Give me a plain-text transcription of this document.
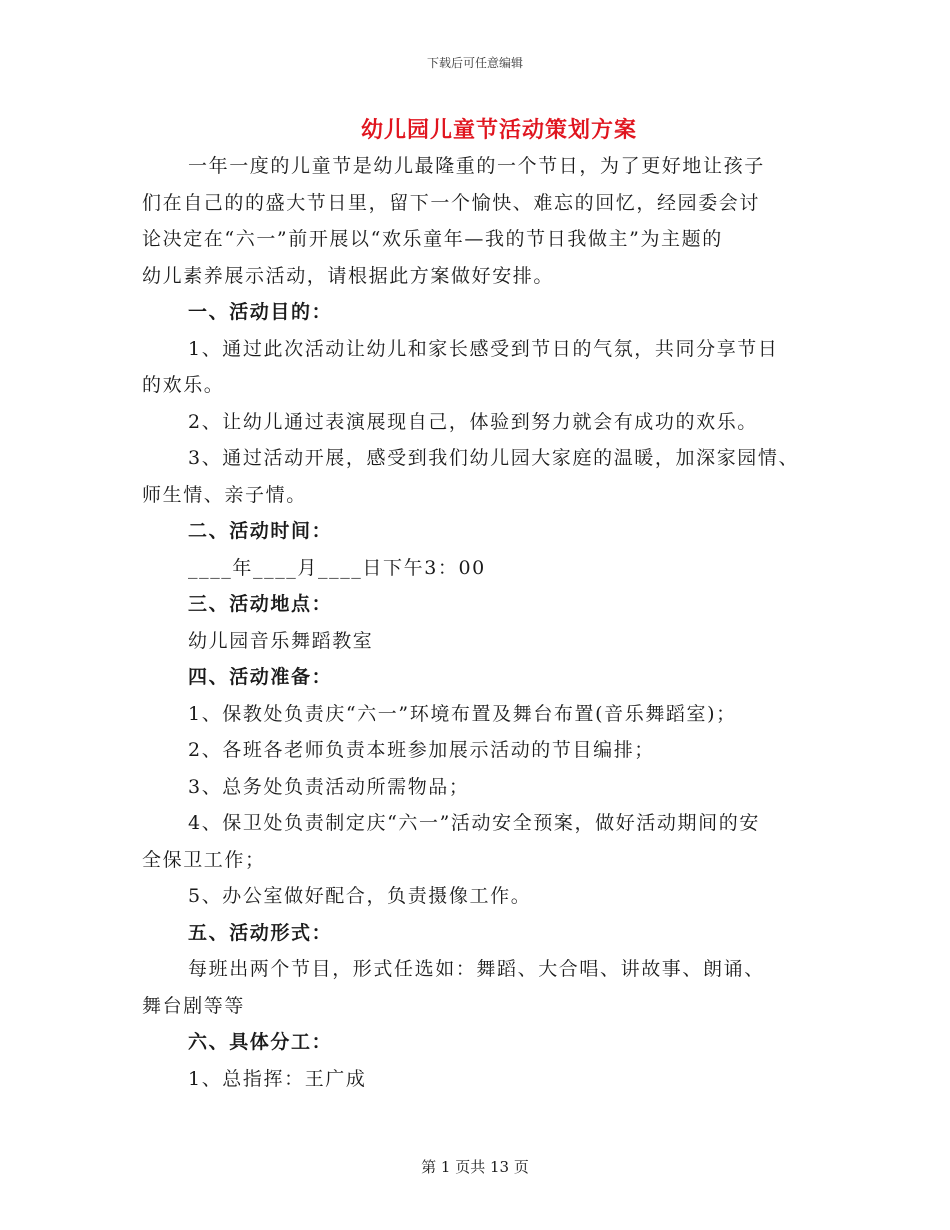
下载后可任意编辑
幼儿园儿童节活动策划方案
一年一度的儿童节是幼儿最隆重的一个节日，为了更好地让孩子
们在自己的的盛大节日里，留下一个愉快、难忘的回忆，经园委会讨
论决定在“六一”前开展以“欢乐童年—我的节日我做主”为主题的
幼儿素养展示活动，请根据此方案做好安排。
一、活动目的：
1、通过此次活动让幼儿和家长感受到节日的气氛，共同分享节日
的欢乐。
2、让幼儿通过表演展现自己，体验到努力就会有成功的欢乐。
3、通过活动开展，感受到我们幼儿园大家庭的温暖，加深家园情、
师生情、亲子情。
二、活动时间：
____年____月____日下午3：00
三、活动地点：
幼儿园音乐舞蹈教室
四、活动准备：
1、保教处负责庆“六一”环境布置及舞台布置(音乐舞蹈室)；
2、各班各老师负责本班参加展示活动的节目编排；
3、总务处负责活动所需物品；
4、保卫处负责制定庆“六一”活动安全预案，做好活动期间的安
全保卫工作；
5、办公室做好配合，负责摄像工作。
五、活动形式：
每班出两个节目，形式任选如：舞蹈、大合唱、讲故事、朗诵、
舞台剧等等
六、具体分工：
1、总指挥：王广成
第 1 页共 13 页
